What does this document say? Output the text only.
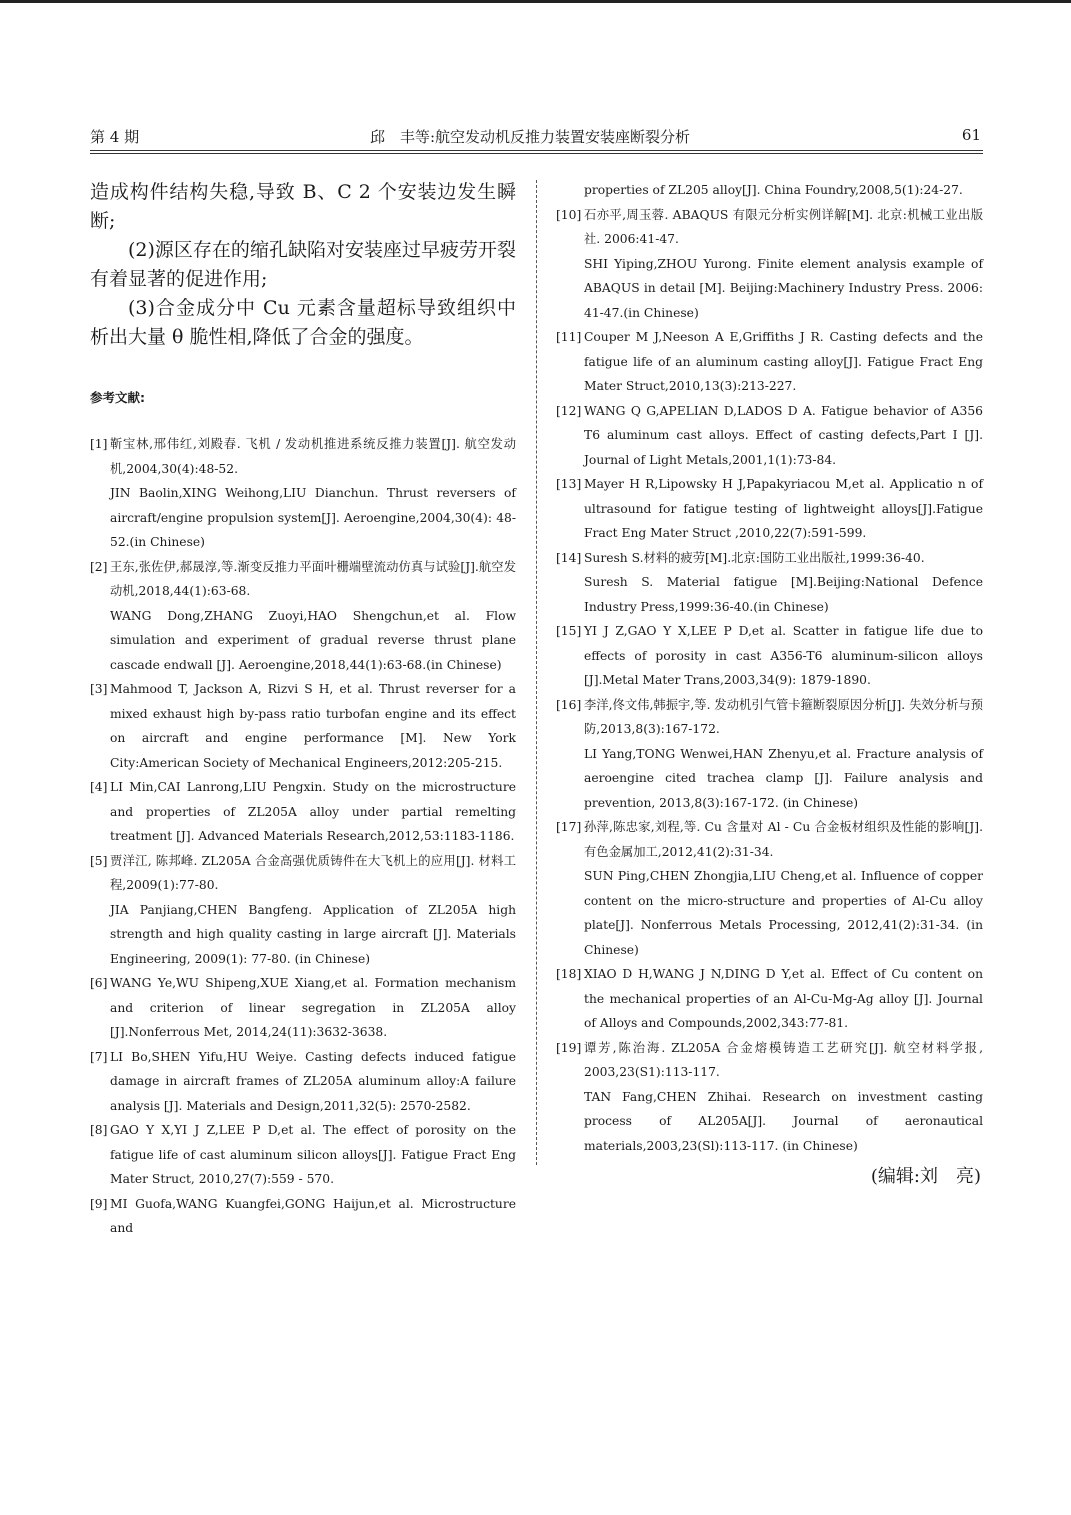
第 4 期	邱　丰等:航空发动机反推力装置安装座断裂分析	61

造成构件结构失稳,导致 B、C 2 个安装边发生瞬断;

(2)源区存在的缩孔缺陷对安装座过早疲劳开裂有着显著的促进作用;

(3)合金成分中 Cu 元素含量超标导致组织中析出大量 θ 脆性相,降低了合金的强度。

参考文献:
[1] 靳宝林,邢伟红,刘殿春. 飞机 / 发动机推进系统反推力装置[J]. 航空发动机,2004,30(4):48-52.
JIN Baolin,XING Weihong,LIU Dianchun. Thrust reversers of aircraft/engine propulsion system[J]. Aeroengine,2004,30(4): 48-52.(in Chinese)
[2] 王东,张佐伊,郝晟淳,等.渐变反推力平面叶栅端壁流动仿真与试验[J].航空发动机,2018,44(1):63-68.
WANG Dong,ZHANG Zuoyi,HAO Shengchun,et al. Flow simulation and experiment of gradual reverse thrust plane cascade endwall [J]. Aeroengine,2018,44(1):63-68.(in Chinese)
[3] Mahmood T, Jackson A, Rizvi S H, et al. Thrust reverser for a mixed exhaust high by-pass ratio turbofan engine and its effect on aircraft and engine performance [M]. New York City:American Society of Mechanical Engineers,2012:205-215.
[4] LI Min,CAI Lanrong,LIU Pengxin. Study on the microstructure and properties of ZL205A alloy under partial remelting treatment [J]. Advanced Materials Research,2012,53:1183-1186.
[5] 贾洋江, 陈邦峰. ZL205A 合金高强优质铸件在大飞机上的应用[J]. 材料工程,2009(1):77-80.
JIA Panjiang,CHEN Bangfeng. Application of ZL205A high strength and high quality casting in large aircraft [J]. Materials Engineering, 2009(1): 77-80. (in Chinese)
[6] WANG Ye,WU Shipeng,XUE Xiang,et al. Formation mechanism and criterion of linear segregation in ZL205A alloy [J].Nonferrous Met, 2014,24(11):3632-3638.
[7] LI Bo,SHEN Yifu,HU Weiye. Casting defects induced fatigue damage in aircraft frames of ZL205A aluminum alloy:A failure analysis [J]. Materials and Design,2011,32(5): 2570-2582.
[8] GAO Y X,YI J Z,LEE P D,et al. The effect of porosity on the fatigue life of cast aluminum silicon alloys[J]. Fatigue Fract Eng Mater Struct, 2010,27(7):559 - 570.
[9] MI Guofa,WANG Kuangfei,GONG Haijun,et al. Microstructure and

properties of ZL205 alloy[J]. China Foundry,2008,5(1):24-27.

[10] 石亦平,周玉蓉. ABAQUS 有限元分析实例详解[M]. 北京:机械工业出版社. 2006:41-47.
SHI Yiping,ZHOU Yurong. Finite element analysis example of ABAQUS in detail [M]. Beijing:Machinery Industry Press. 2006: 41-47.(in Chinese)
[11] Couper M J,Neeson A E,Griffiths J R. Casting defects and the fatigue life of an aluminum casting alloy[J]. Fatigue Fract Eng Mater Struct,2010,13(3):213-227.
[12] WANG Q G,APELIAN D,LADOS D A. Fatigue behavior of A356 T6 aluminum cast alloys. Effect of casting defects,Part I [J]. Journal of Light Metals,2001,1(1):73-84.
[13] Mayer H R,Lipowsky H J,Papakyriacou M,et al. Applicatio n of ultrasound for fatigue testing of lightweight alloys[J].Fatigue Fract Eng Mater Struct ,2010,22(7):591-599.
[14] Suresh S.材料的疲劳[M].北京:国防工业出版社,1999:36-40.
Suresh S. Material fatigue [M].Beijing:National Defence Industry Press,1999:36-40.(in Chinese)
[15] YI J Z,GAO Y X,LEE P D,et al. Scatter in fatigue life due to effects of porosity in cast A356-T6 aluminum-silicon alloys [J].Metal Mater Trans,2003,34(9): 1879-1890.
[16] 李洋,佟文伟,韩振宇,等. 发动机引气管卡箍断裂原因分析[J]. 失效分析与预防,2013,8(3):167-172.
LI Yang,TONG Wenwei,HAN Zhenyu,et al. Fracture analysis of aeroengine cited trachea clamp [J]. Failure analysis and prevention, 2013,8(3):167-172. (in Chinese)
[17] 孙萍,陈忠家,刘程,等. Cu 含量对 Al - Cu 合金板材组织及性能的影响[J]. 有色金属加工,2012,41(2):31-34.
SUN Ping,CHEN Zhongjia,LIU Cheng,et al. Influence of copper content on the micro-structure and properties of Al-Cu alloy plate[J]. Nonferrous Metals Processing, 2012,41(2):31-34. (in Chinese)
[18] XIAO D H,WANG J N,DING D Y,et al. Effect of Cu content on the mechanical properties of an Al-Cu-Mg-Ag alloy [J]. Journal of Alloys and Compounds,2002,343:77-81.
[19] 谭芳,陈治海. ZL205A 合金熔模铸造工艺研究[J]. 航空材料学报, 2003,23(S1):113-117.
TAN Fang,CHEN Zhihai. Research on investment casting process of AL205A[J]. Journal of aeronautical materials,2003,23(Sl):113-117. (in Chinese)
(编辑:刘　亮)
